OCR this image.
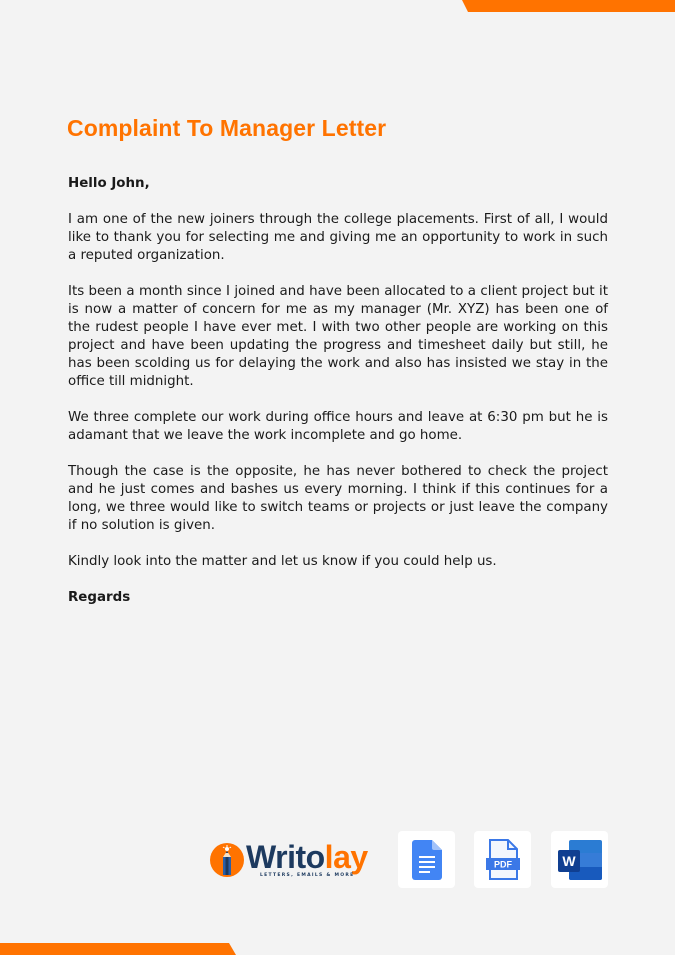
Complaint To Manager Letter

Hello John,

I am one of the new joiners through the college placements. First of all, I would like to thank you for selecting me and giving me an opportunity to work in such a reputed organization.

Its been a month since I joined and have been allocated to a client project but it is now a matter of concern for me as my manager (Mr. XYZ) has been one of the rudest people I have ever met. I with two other people are working on this project and have been updating the progress and timesheet daily but still, he has been scolding us for delaying the work and also has insisted we stay in the office till midnight.

We three complete our work during office hours and leave at 6:30 pm but he is adamant that we leave the work incomplete and go home.

Though the case is the opposite, he has never bothered to check the project and he just comes and bashes us every morning. I think if this continues for a long, we three would like to switch teams or projects or just leave the company if no solution is given.

Kindly look into the matter and let us know if you could help us.

Regards

Writolay
LETTERS, EMAILS & MORE
PDF	W
